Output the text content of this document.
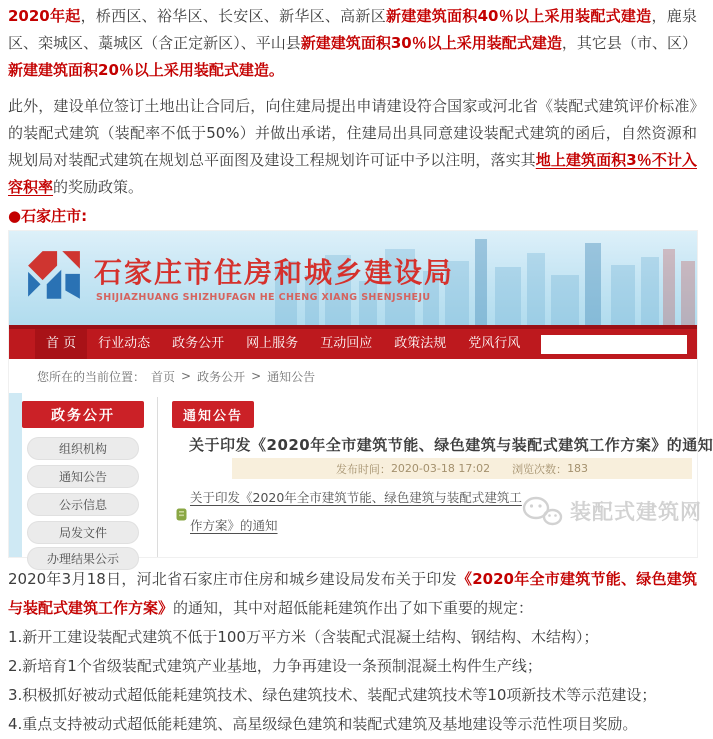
2020年起，桥西区、裕华区、长安区、新华区、高新区新建建筑面积40％以上采用装配式建造，鹿泉区、栾城区、藁城区（含正定新区）、平山县新建建筑面积30％以上采用装配式建造，其它县（市、区）新建建筑面积20％以上采用装配式建造。

此外，建设单位签订土地出让合同后，向住建局提出申请建设符合国家或河北省《装配式建筑评价标准》的装配式建筑（装配率不低于50%）并做出承诺，住建局出具同意建设装配式建筑的函后，自然资源和规划局对装配式建筑在规划总平面图及建设工程规划许可证中予以注明，落实其地上建筑面积3％不计入容积率的奖励政策。

●石家庄市:

石家庄市住房和城乡建设局
SHIJIAZHUANG SHIZHUFAGN HE CHENG XIANG SHENJSHEJU
首 页	行业动态	政务公开	网上服务	互动回应	政策法规	党风行风
您所在的当前位置： 首页 > 政务公开 > 通知公告
政务公开
组织机构
通知公告
公示信息
局发文件
办理结果公示
通知公告
关于印发《2020年全市建筑节能、绿色建筑与装配式建筑工作方案》的通知
发布时间： 2020-03-18 17:02 浏览次数： 183
关于印发《2020年全市建筑节能、绿色建筑与装配式建筑工
作方案》的通知
装配式建筑网

2020年3月18日，河北省石家庄市住房和城乡建设局发布关于印发《2020年全市建筑节能、绿色建筑与装配式建筑工作方案》的通知，其中对超低能耗建筑作出了如下重要的规定：

1.新开工建设装配式建筑不低于100万平方米（含装配式混凝土结构、钢结构、木结构）；

2.新培育1个省级装配式建筑产业基地，力争再建设一条预制混凝土构件生产线；

3.积极抓好被动式超低能耗建筑技术、绿色建筑技术、装配式建筑技术等10项新技术等示范建设；

4.重点支持被动式超低能耗建筑、高星级绿色建筑和装配式建筑及基地建设等示范性项目奖励。
